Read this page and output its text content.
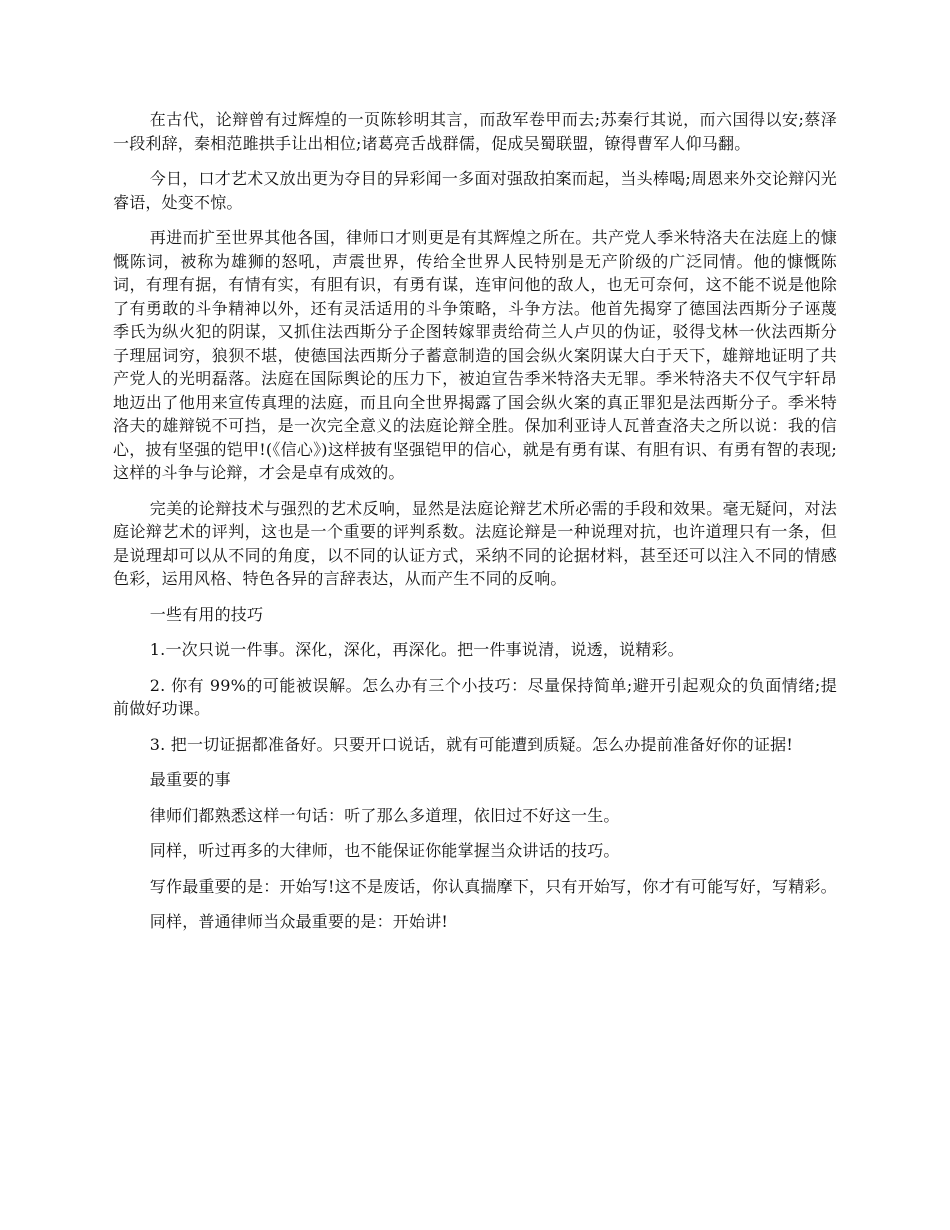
在古代，论辩曾有过辉煌的一页陈轸明其言，而敌军卷甲而去;苏秦行其说，而六国得以安;蔡泽一段利辞，秦相范雎拱手让出相位;诸葛亮舌战群儒，促成吴蜀联盟，镣得曹军人仰马翻。

今日，口才艺术又放出更为夺目的异彩闻一多面对强敌拍案而起，当头棒喝;周恩来外交论辩闪光睿语，处变不惊。

再进而扩至世界其他各国，律师口才则更是有其辉煌之所在。共产党人季米特洛夫在法庭上的慷慨陈词，被称为雄狮的怒吼，声震世界，传给全世界人民特别是无产阶级的广泛同情。他的慷慨陈词，有理有据，有情有实，有胆有识，有勇有谋，连审问他的敌人，也无可奈何，这不能不说是他除了有勇敢的斗争精神以外，还有灵活适用的斗争策略，斗争方法。他首先揭穿了德国法西斯分子诬蔑季氏为纵火犯的阴谋，又抓住法西斯分子企图转嫁罪责给荷兰人卢贝的伪证，驳得戈林一伙法西斯分子理屈词穷，狼狈不堪，使德国法西斯分子蓄意制造的国会纵火案阴谋大白于天下，雄辩地证明了共产党人的光明磊落。法庭在国际舆论的压力下，被迫宣告季米特洛夫无罪。季米特洛夫不仅气宇轩昂地迈出了他用来宣传真理的法庭，而且向全世界揭露了国会纵火案的真正罪犯是法西斯分子。季米特洛夫的雄辩锐不可挡，是一次完全意义的法庭论辩全胜。保加利亚诗人瓦普查洛夫之所以说：我的信心，披有坚强的铠甲!(《信心》)这样披有坚强铠甲的信心，就是有勇有谋、有胆有识、有勇有智的表现;这样的斗争与论辩，才会是卓有成效的。

完美的论辩技术与强烈的艺术反响，显然是法庭论辩艺术所必需的手段和效果。毫无疑问，对法庭论辩艺术的评判，这也是一个重要的评判系数。法庭论辩是一种说理对抗，也许道理只有一条，但是说理却可以从不同的角度，以不同的认证方式，采纳不同的论据材料，甚至还可以注入不同的情感色彩，运用风格、特色各异的言辞表达，从而产生不同的反响。

一些有用的技巧

1.一次只说一件事。深化，深化，再深化。把一件事说清，说透，说精彩。

2. 你有 99%的可能被误解。怎么办有三个小技巧：尽量保持简单;避开引起观众的负面情绪;提前做好功课。

3. 把一切证据都准备好。只要开口说话，就有可能遭到质疑。怎么办提前准备好你的证据!

最重要的事

律师们都熟悉这样一句话：听了那么多道理，依旧过不好这一生。

同样，听过再多的大律师，也不能保证你能掌握当众讲话的技巧。

写作最重要的是：开始写!这不是废话，你认真揣摩下，只有开始写，你才有可能写好，写精彩。

同样，普通律师当众最重要的是：开始讲!
